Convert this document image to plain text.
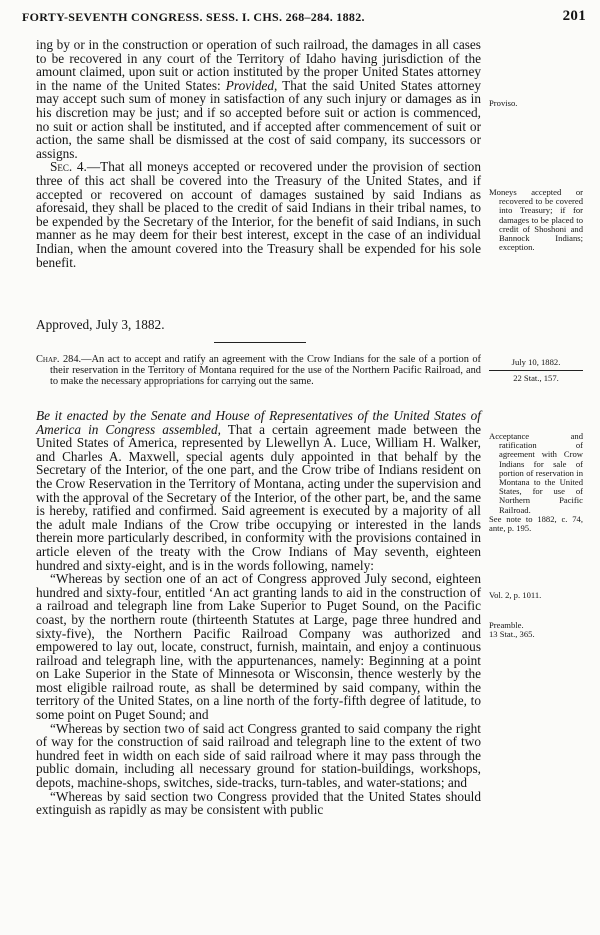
FORTY-SEVENTH CONGRESS. SESS. I. CHS. 268–284. 1882.	201

ing by or in the construction or operation of such railroad, the damages in all cases to be recovered in any court of the Territory of Idaho having jurisdiction of the amount claimed, upon suit or action instituted by the proper United States attorney in the name of the United States: Provided, That the said United States attorney may accept such sum of money in satisfaction of any such injury or damages as in his discretion may be just; and if so accepted before suit or action is commenced, no suit or action shall be instituted, and if accepted after commencement of suit or action, the same shall be dismissed at the cost of said company, its successors or assigns.

Sec. 4.—That all moneys accepted or recovered under the provision of section three of this act shall be covered into the Treasury of the United States, and if accepted or recovered on account of damages sustained by said Indians as aforesaid, they shall be placed to the credit of said Indians in their tribal names, to be expended by the Secretary of the Interior, for the benefit of said Indians, in such manner as he may deem for their best interest, except in the case of an individual Indian, when the amount covered into the Treasury shall be expended for his sole benefit.

Approved, July 3, 1882.

Chap. 284.—An act to accept and ratify an agreement with the Crow Indians for the sale of a portion of their reservation in the Territory of Montana required for the use of the Northern Pacific Railroad, and to make the necessary appropriations for carrying out the same.

Be it enacted by the Senate and House of Representatives of the United States of America in Congress assembled, That a certain agreement made between the United States of America, represented by Llewellyn A. Luce, William H. Walker, and Charles A. Maxwell, special agents duly appointed in that behalf by the Secretary of the Interior, of the one part, and the Crow tribe of Indians resident on the Crow Reservation in the Territory of Montana, acting under the supervision and with the approval of the Secretary of the Interior, of the other part, be, and the same is hereby, ratified and confirmed. Said agreement is executed by a majority of all the adult male Indians of the Crow tribe occupying or interested in the lands therein more particularly described, in conformity with the provisions contained in article eleven of the treaty with the Crow Indians of May seventh, eighteen hundred and sixty-eight, and is in the words following, namely:

“Whereas by section one of an act of Congress approved July second, eighteen hundred and sixty-four, entitled ‘An act granting lands to aid in the construction of a railroad and telegraph line from Lake Superior to Puget Sound, on the Pacific coast, by the northern route (thirteenth Statutes at Large, page three hundred and sixty-five), the Northern Pacific Railroad Company was authorized and empowered to lay out, locate, construct, furnish, maintain, and enjoy a continuous railroad and telegraph line, with the appurtenances, namely: Beginning at a point on Lake Superior in the State of Minnesota or Wisconsin, thence westerly by the most eligible railroad route, as shall be determined by said company, within the territory of the United States, on a line north of the forty-fifth degree of latitude, to some point on Puget Sound; and

“Whereas by section two of said act Congress granted to said company the right of way for the construction of said railroad and telegraph line to the extent of two hundred feet in width on each side of said railroad where it may pass through the public domain, including all necessary ground for station-buildings, workshops, depots, machine-shops, switches, side-tracks, turn-tables, and water-stations; and

“Whereas by said section two Congress provided that the United States should extinguish as rapidly as may be consistent with public

Proviso.

Moneys accepted or recovered to be covered into Treasury; if for damages to be placed to credit of Shoshoni and Bannock Indians; exception.

July 10, 1882.

22 Stat., 157.

Acceptance and ratification of agreement with Crow Indians for sale of portion of reservation in Montana to the United States, for use of Northern Pacific Railroad.

See note to 1882, c. 74, ante, p. 195.

Vol. 2, p. 1011.

Preamble.

13 Stat., 365.
